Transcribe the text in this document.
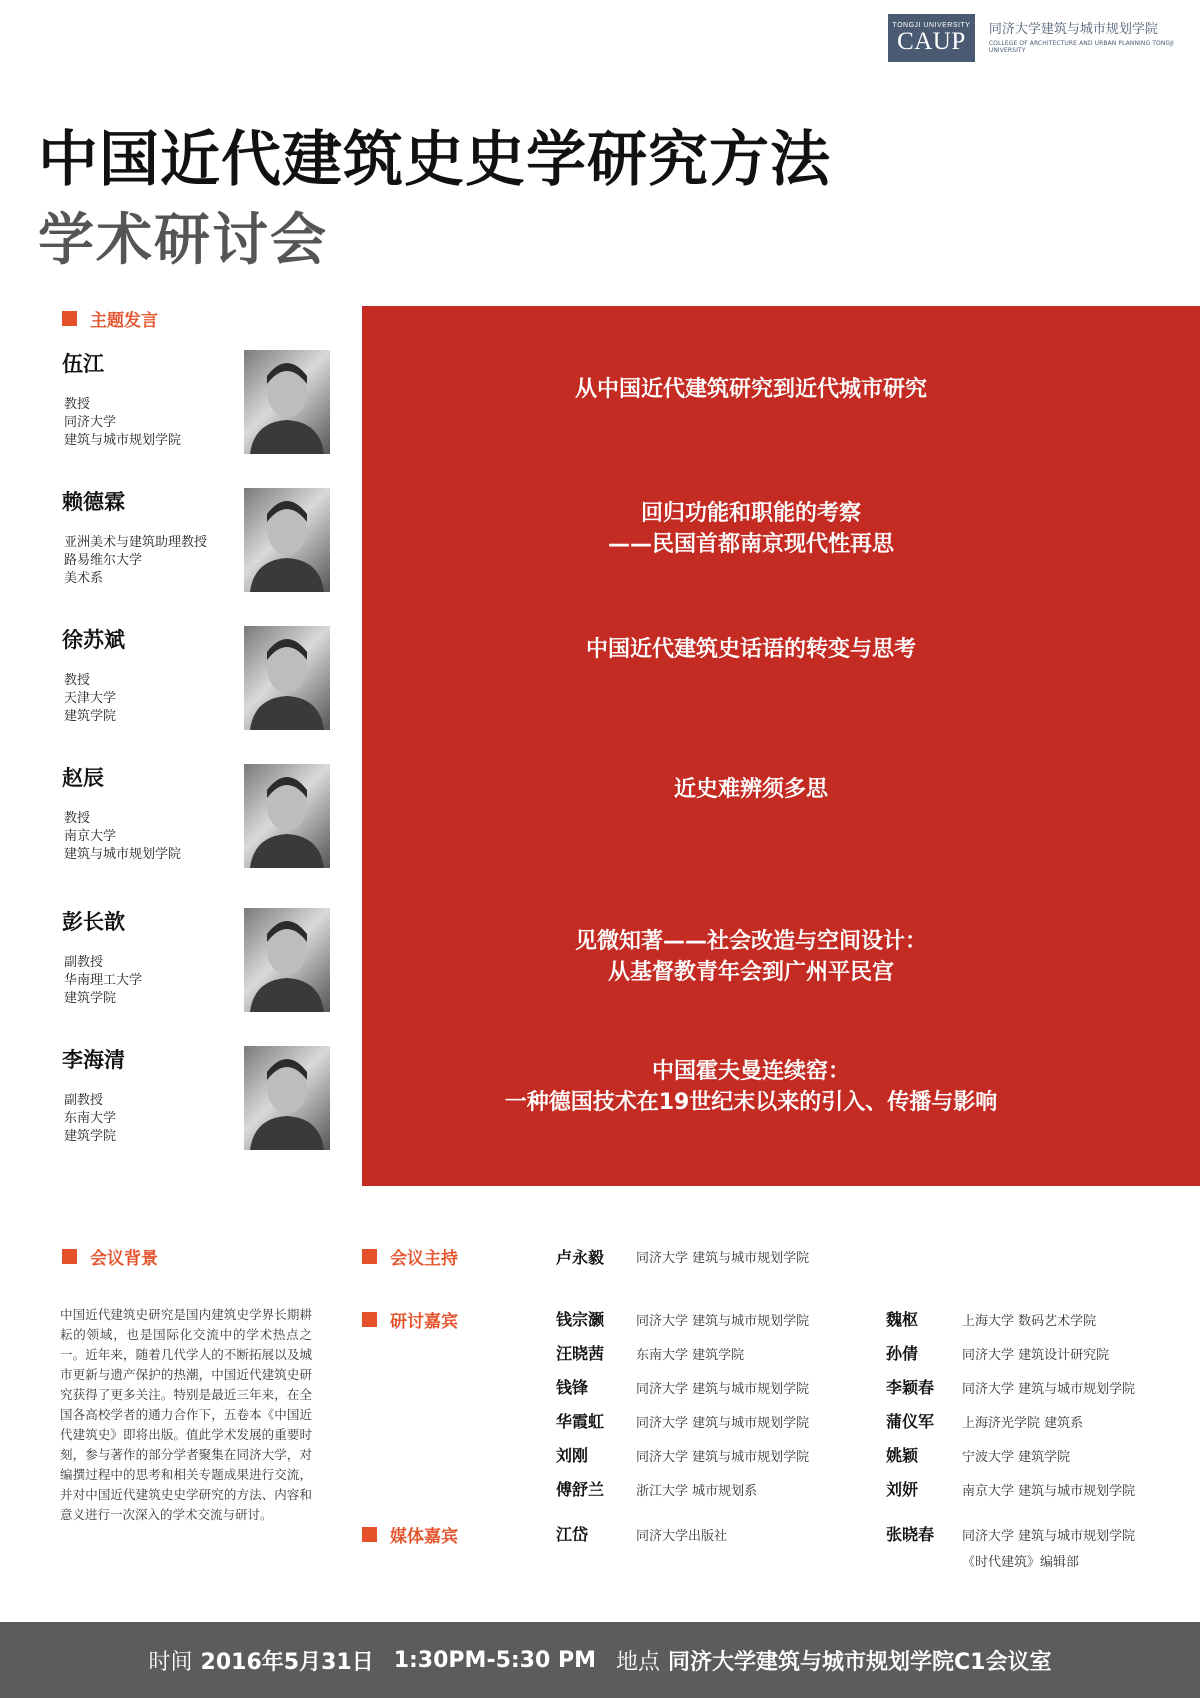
TONGJI UNIVERSITY
CAUP 同济大学建筑与城市规划学院
COLLEGE OF ARCHITECTURE AND URBAN PLANNING TONGJI UNIVERSITY
中国近代建筑史史学研究方法
学术研讨会
主题发言
伍江
教授
同济大学
建筑与城市规划学院
赖德霖
亚洲美术与建筑助理教授
路易维尔大学
美术系
徐苏斌
教授
天津大学
建筑学院
赵辰
教授
南京大学
建筑与城市规划学院
彭长歆
副教授
华南理工大学
建筑学院
李海清
副教授
东南大学
建筑学院
从中国近代建筑研究到近代城市研究
回归功能和职能的考察
——民国首都南京现代性再思
中国近代建筑史话语的转变与思考
近史难辨须多思
见微知著——社会改造与空间设计：
从基督教青年会到广州平民宫
中国霍夫曼连续窑：
一种德国技术在19世纪末以来的引入、传播与影响
会议背景
中国近代建筑史研究是国内建筑史学界长期耕耘的领域，也是国际化交流中的学术热点之一。近年来，随着几代学人的不断拓展以及城市更新与遗产保护的热潮，中国近代建筑史研究获得了更多关注。特别是最近三年来，在全国各高校学者的通力合作下，五卷本《中国近代建筑史》即将出版。值此学术发展的重要时刻，参与著作的部分学者聚集在同济大学，对编撰过程中的思考和相关专题成果进行交流，并对中国近代建筑史史学研究的方法、内容和意义进行一次深入的学术交流与研讨。
会议主持	卢永毅 同济大学 建筑与城市规划学院
研讨嘉宾	钱宗灏 同济大学 建筑与城市规划学院
汪晓茜 东南大学 建筑学院
钱锋	同济大学 建筑与城市规划学院
华霞虹 同济大学 建筑与城市规划学院
刘刚	同济大学 建筑与城市规划学院
傅舒兰 浙江大学 城市规划系
魏枢	上海大学 数码艺术学院
孙倩	同济大学 建筑设计研究院
李颖春 同济大学 建筑与城市规划学院
蒲仪军 上海济光学院 建筑系
姚颖	宁波大学 建筑学院
刘妍	南京大学 建筑与城市规划学院
媒体嘉宾	江岱	同济大学出版社	张晓春 同济大学 建筑与城市规划学院
《时代建筑》编辑部
时间 2016年5月31日 1:30PM-5:30 PM 地点 同济大学建筑与城市规划学院C1会议室
